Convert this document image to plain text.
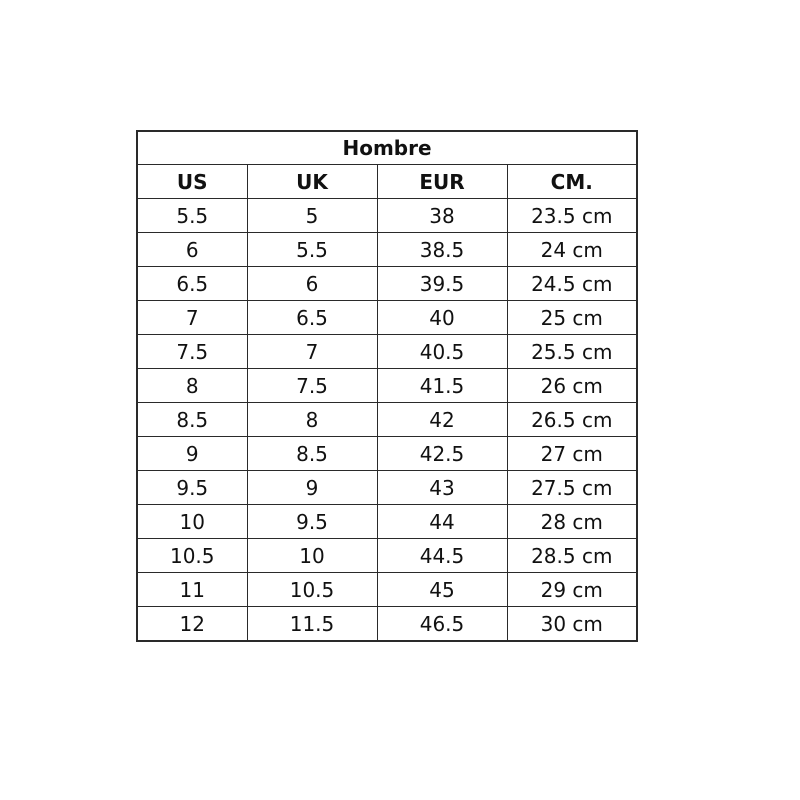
Hombre			
US	UK	EUR	CM.
5.5	5	38	23.5 cm
6	5.5	38.5	24 cm
6.5	6	39.5	24.5 cm
7	6.5	40	25 cm
7.5	7	40.5	25.5 cm
8	7.5	41.5	26 cm
8.5	8	42	26.5 cm
9	8.5	42.5	27 cm
9.5	9	43	27.5 cm
10	9.5	44	28 cm
10.5	10	44.5	28.5 cm
11	10.5	45	29 cm
12	11.5	46.5	30 cm
